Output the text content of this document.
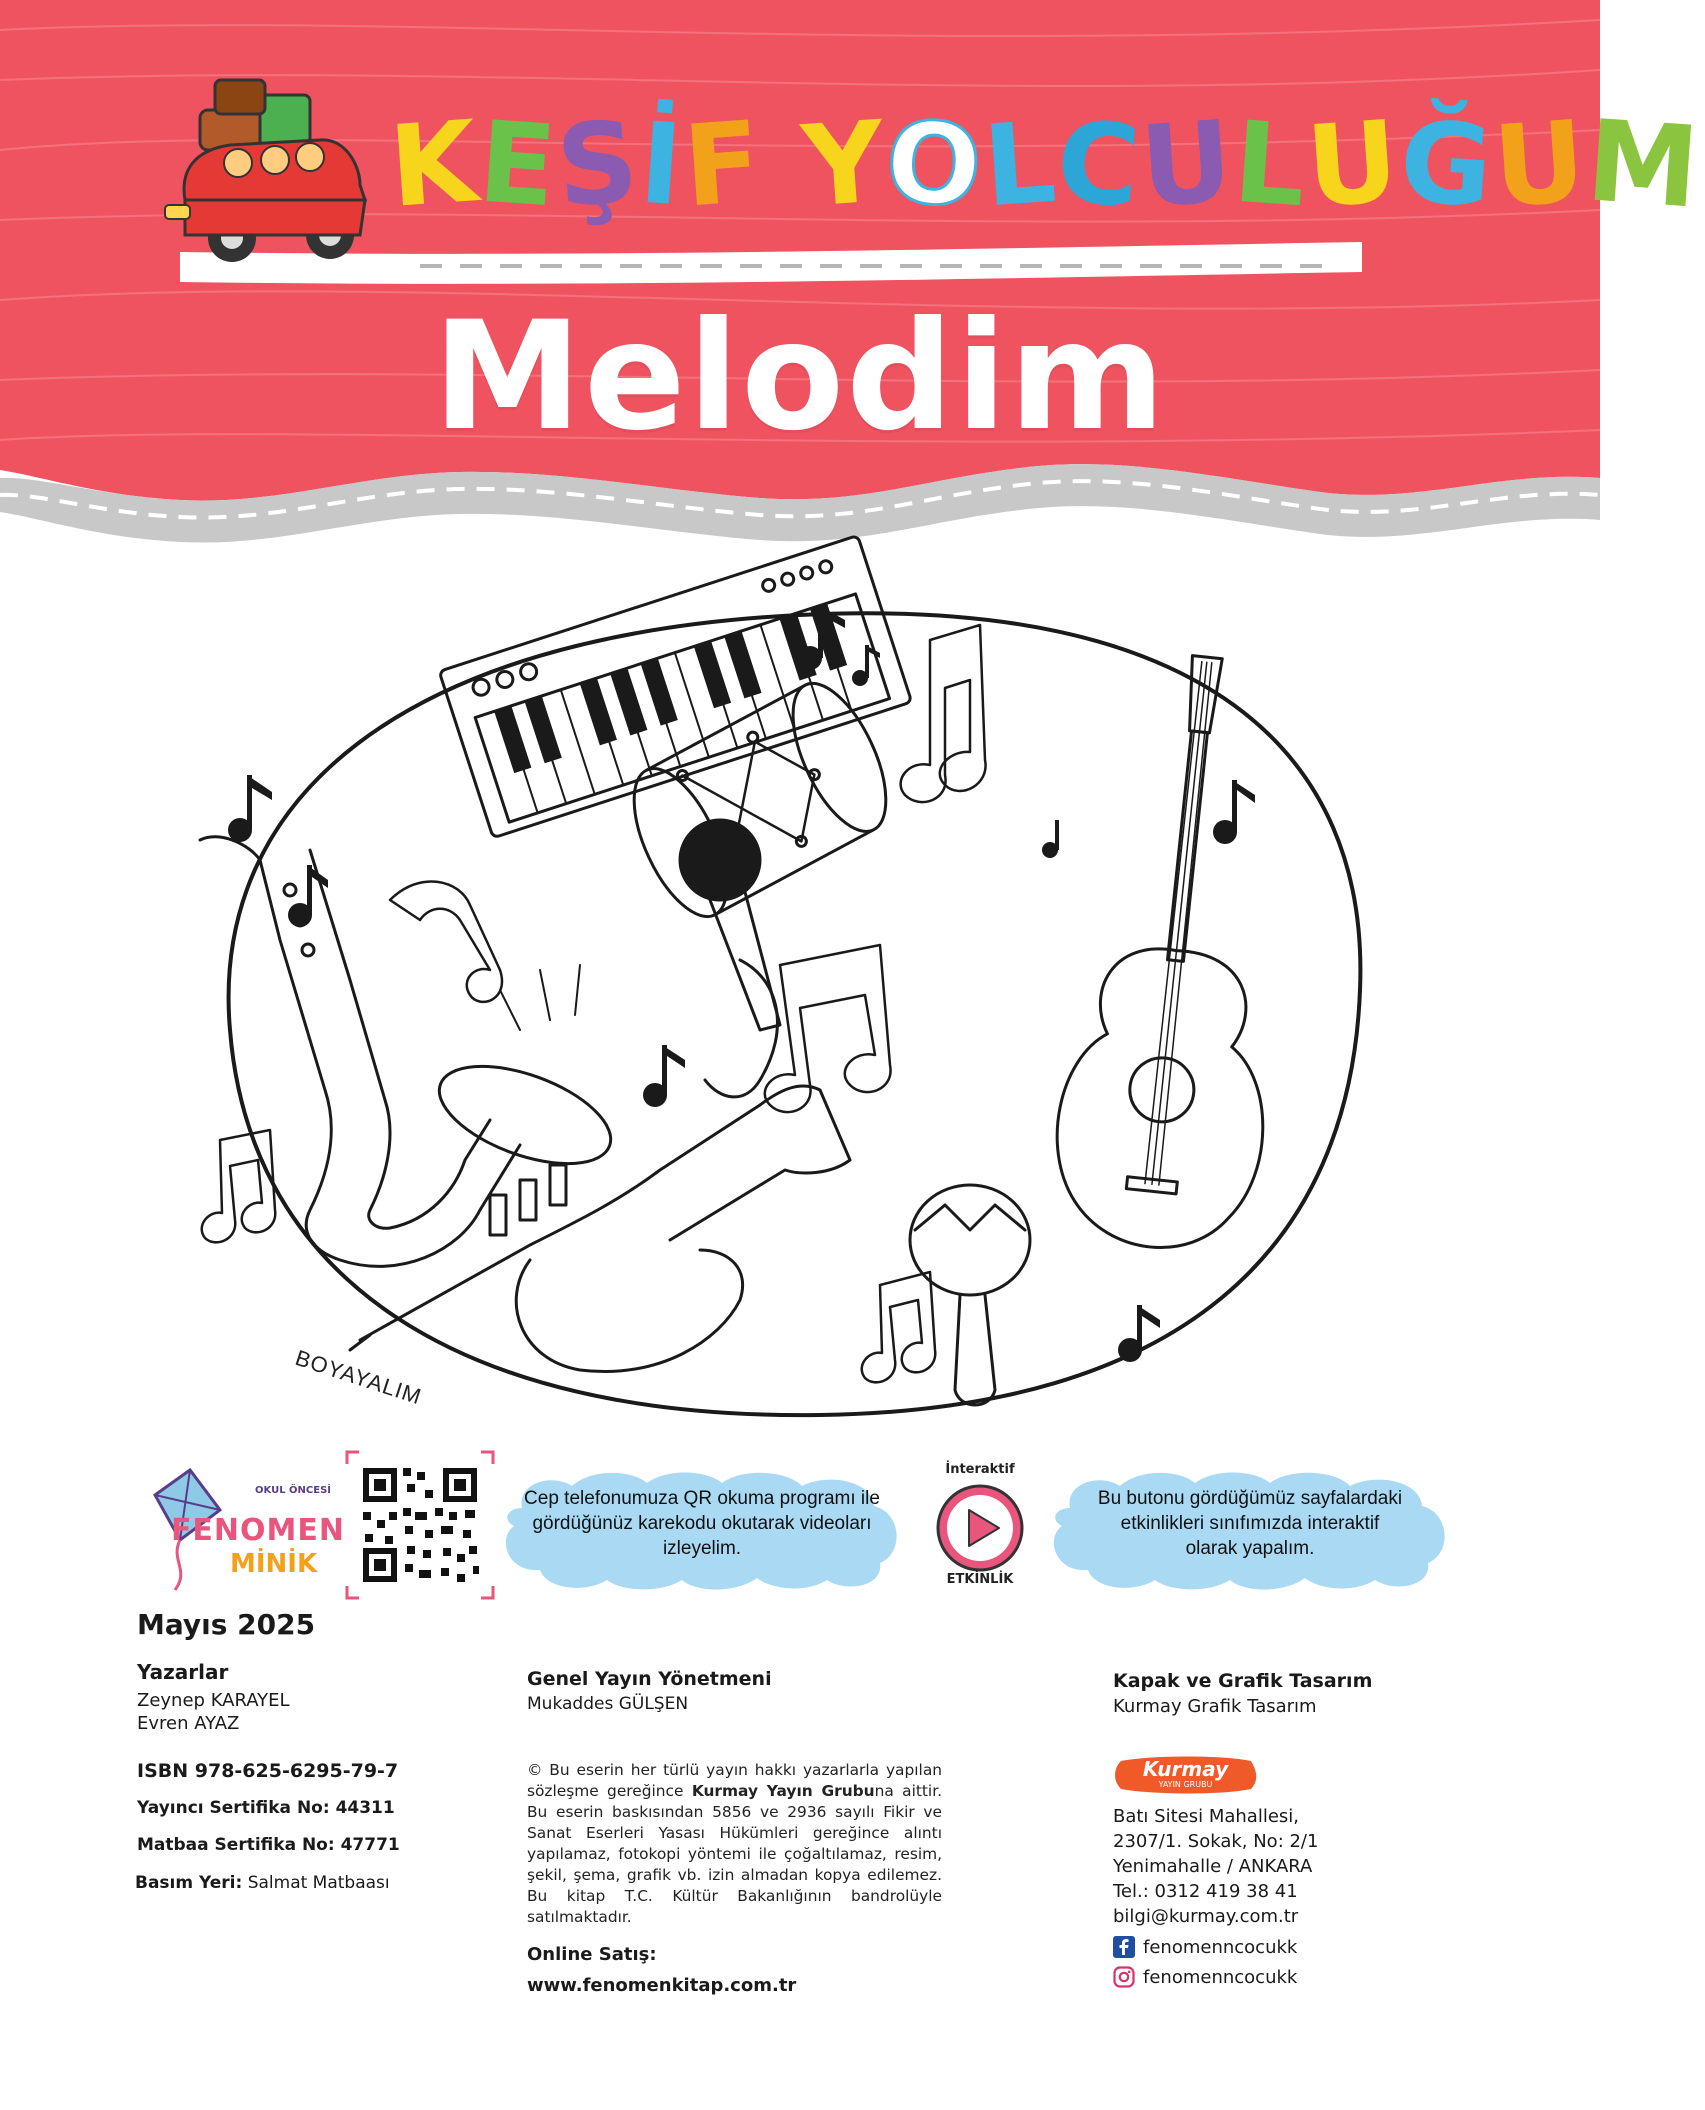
KEŞİF YOLCULUĞUM
Melodim
BOYAYALIM
OKUL ÖNCESİ
FENOMEN
MİNİK
Cep telefonumuza QR okuma programı ile
gördüğünüz karekodu okutarak videoları
izleyelim.
İnteraktif
ETKİNLİK
Bu butonu gördüğümüz sayfalardaki
etkinlikleri sınıfımızda interaktif
olarak yapalım.
Mayıs 2025
Yazarlar
Zeynep KARAYEL
Evren AYAZ
ISBN 978-625-6295-79-7
Yayıncı Sertifika No: 44311
Matbaa Sertifika No: 47771
Basım Yeri: Salmat Matbaası
Genel Yayın Yönetmeni
Mukaddes GÜLŞEN
© Bu eserin her türlü yayın hakkı yazarlarla yapılan sözleşme gereğince Kurmay Yayın Grubuna aittir. Bu eserin baskısından 5856 ve 2936 sayılı Fikir ve Sanat Eserleri Yasası Hükümleri gereğince alıntı yapılamaz, fotokopi yöntemi ile çoğaltılamaz, resim, şekil, şema, grafik vb. izin almadan kopya edilemez. Bu kitap T.C. Kültür Bakanlığının bandrolüyle satılmaktadır.
Online Satış:
www.fenomenkitap.com.tr
Kapak ve Grafik Tasarım
Kurmay Grafik Tasarım
Kurmay
YAYIN GRUBU
Batı Sitesi Mahallesi,
2307/1. Sokak, No: 2/1
Yenimahalle / ANKARA
Tel.: 0312 419 38 41
bilgi@kurmay.com.tr
fenomenncocukk
fenomenncocukk
